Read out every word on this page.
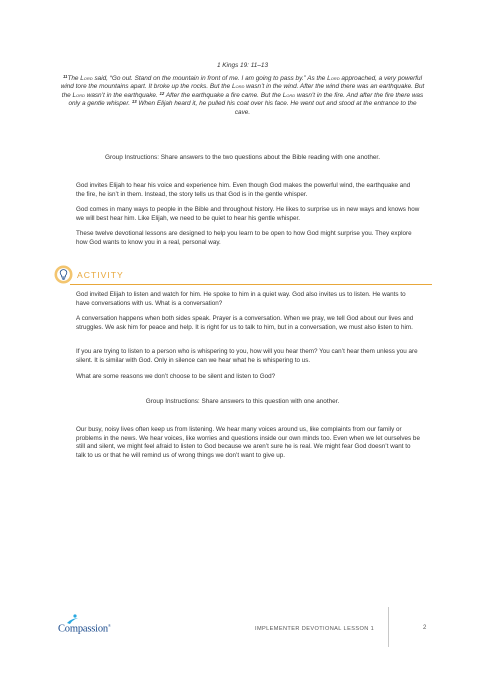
1 Kings 19: 11–13
$^{11}$The Lord said, “Go out. Stand on the mountain in front of me. I am going to pass by.” As the Lord approached, a very powerful wind tore the mountains apart. It broke up the rocks. But the Lord wasn’t in the wind. After the wind there was an earthquake. But the Lord wasn’t in the earthquake. $^{12}$ After the earthquake a fire came. But the Lord wasn’t in the fire. And after the fire there was only a gentle whisper. $^{13}$ When Elijah heard it, he pulled his coat over his face. He went out and stood at the entrance to the cave.
Group Instructions: Share answers to the two questions about the Bible reading with one another.
God invites Elijah to hear his voice and experience him. Even though God makes the powerful wind, the earthquake and the fire, he isn’t in them. Instead, the story tells us that God is in the gentle whisper.
God comes in many ways to people in the Bible and throughout history. He likes to surprise us in new ways and knows how we will best hear him. Like Elijah, we need to be quiet to hear his gentle whisper.
These twelve devotional lessons are designed to help you learn to be open to how God might surprise you. They explore how God wants to know you in a real, personal way.
ACTIVITY
God invited Elijah to listen and watch for him. He spoke to him in a quiet way. God also invites us to listen. He wants to have conversations with us. What is a conversation?
A conversation happens when both sides speak. Prayer is a conversation. When we pray, we tell God about our lives and struggles. We ask him for peace and help. It is right for us to talk to him, but in a conversation, we must also listen to him.
If you are trying to listen to a person who is whispering to you, how will you hear them? You can’t hear them unless you are silent. It is similar with God. Only in silence can we hear what he is whispering to us.
What are some reasons we don’t choose to be silent and listen to God?
Group Instructions: Share answers to this question with one another.
Our busy, noisy lives often keep us from listening. We hear many voices around us, like complaints from our family or problems in the news. We hear voices, like worries and questions inside our own minds too. Even when we let ourselves be still and silent, we might feel afraid to listen to God because we aren’t sure he is real. We might fear God doesn’t want to talk to us or that he will remind us of wrong things we don’t want to give up.
Compassion®
IMPLEMENTER DEVOTIONAL LESSON 1	2
